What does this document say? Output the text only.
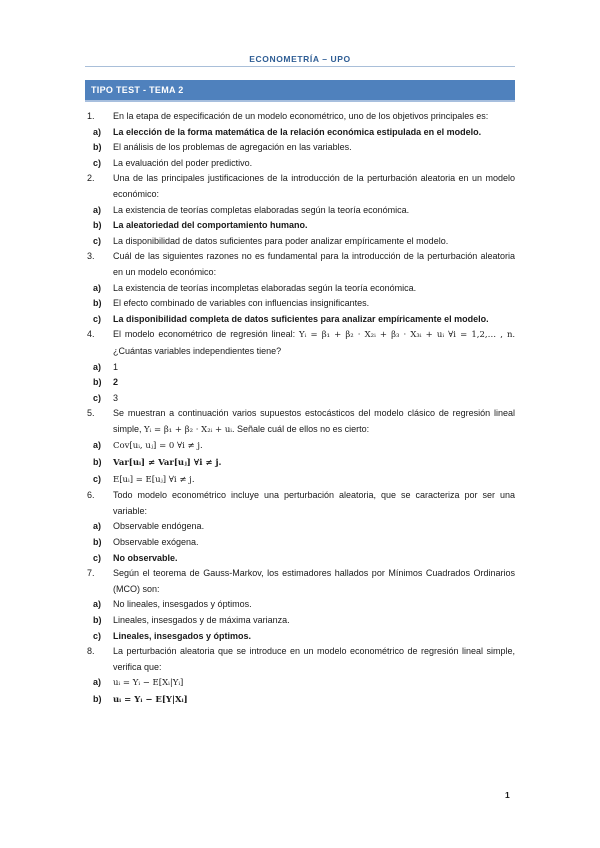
ECONOMETRÍA – UPO
TIPO TEST - TEMA 2
1. En la etapa de especificación de un modelo econométrico, uno de los objetivos principales es:
a) La elección de la forma matemática de la relación económica estipulada en el modelo.
b) El análisis de los problemas de agregación en las variables.
c) La evaluación del poder predictivo.
2. Una de las principales justificaciones de la introducción de la perturbación aleatoria en un modelo económico:
a) La existencia de teorías completas elaboradas según la teoría económica.
b) La aleatoriedad del comportamiento humano.
c) La disponibilidad de datos suficientes para poder analizar empíricamente el modelo.
3. Cuál de las siguientes razones no es fundamental para la introducción de la perturbación aleatoria en un modelo económico:
a) La existencia de teorías incompletas elaboradas según la teoría económica.
b) El efecto combinado de variables con influencias insignificantes.
c) La disponibilidad completa de datos suficientes para analizar empíricamente el modelo.
4. El modelo econométrico de regresión lineal: Yᵢ = β₁ + β₂ · X₂ᵢ + β₃ · X₃ᵢ + uᵢ ∀i = 1,2,… , n. ¿Cuántas variables independientes tiene?
a) 1
b) 2
c) 3
5. Se muestran a continuación varios supuestos estocásticos del modelo clásico de regresión lineal simple, Yᵢ = β₁ + β₂ · X₂ᵢ + uᵢ. Señale cuál de ellos no es cierto:
a) Cov[uᵢ, uⱼ] = 0 ∀i ≠ j.
b) Var[uᵢ] ≠ Var[uⱼ] ∀i ≠ j.
c) E[uᵢ] = E[uⱼ] ∀i ≠ j.
6. Todo modelo econométrico incluye una perturbación aleatoria, que se caracteriza por ser una variable:
a) Observable endógena.
b) Observable exógena.
c) No observable.
7. Según el teorema de Gauss-Markov, los estimadores hallados por Mínimos Cuadrados Ordinarios (MCO) son:
a) No lineales, insesgados y óptimos.
b) Lineales, insesgados y de máxima varianza.
c) Lineales, insesgados y óptimos.
8. La perturbación aleatoria que se introduce en un modelo econométrico de regresión lineal simple, verifica que:
a) uᵢ = Yᵢ − E[Xᵢ|Yᵢ]
b) uᵢ = Yᵢ − E[Y|Xᵢ]
1
